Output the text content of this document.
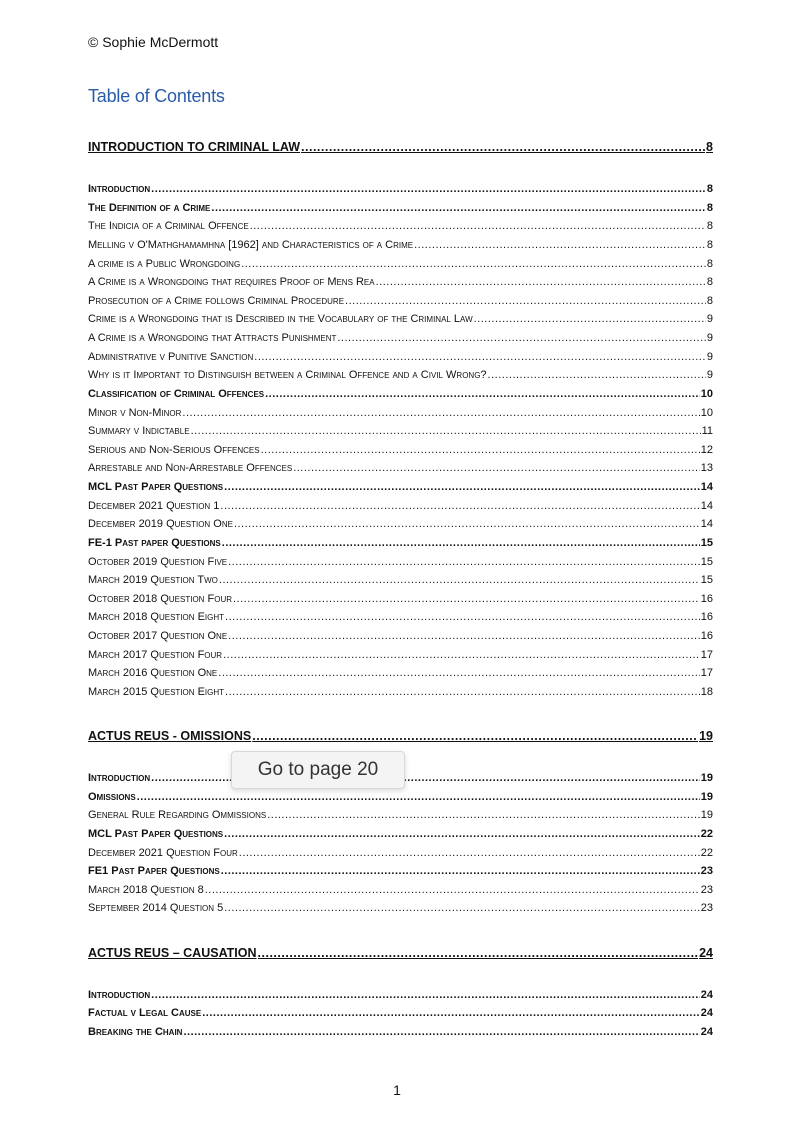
© Sophie McDermott
Table of Contents
INTRODUCTION TO CRIMINAL LAW .....	8
Introduction .....	8
The Definition of a Crime .....	8
The Indicia of a Criminal Offence .....	8
Melling v O'Mathghamamhna [1962] and Characteristics of a Crime .....	8
A crime is a Public Wrongdoing .....	8
A Crime is a Wrongdoing that requires Proof of Mens Rea .....	8
Prosecution of a Crime follows Criminal Procedure .....	8
Crime is a Wrongdoing that is Described in the Vocabulary of the Criminal Law .....	9
A Crime is a Wrongdoing that Attracts Punishment .....	9
Administrative v Punitive Sanction .....	9
Why is it Important to Distinguish between a Criminal Offence and a Civil Wrong? .....	9
Classification of Criminal Offences .....	10
Minor v Non-Minor .....	10
Summary v Indictable .....	11
Serious and Non-Serious Offences .....	12
Arrestable and Non-Arrestable Offences .....	13
MCL Past Paper Questions .....	14
December 2021 Question 1 .....	14
December 2019 Question One .....	14
FE-1 Past paper Questions .....	15
October 2019 Question Five .....	15
March 2019 Question Two .....	15
October 2018 Question Four .....	16
March 2018 Question Eight .....	16
October 2017 Question One .....	16
March 2017 Question Four .....	17
March 2016 Question One .....	17
March 2015 Question Eight .....	18
ACTUS REUS - OMISSIONS .....	19
Introduction .....	19
Omissions .....	19
General Rule Regarding Ommissions .....	19
MCL Past Paper Questions .....	22
December 2021 Question Four .....	22
FE1 Past Paper Questions .....	23
March 2018 Question 8 .....	23
September 2014 Question 5 .....	23
ACTUS REUS – CAUSATION .....	24
Introduction .....	24
Factual v Legal Cause .....	24
Breaking the Chain .....	24
Go to page 20
1
